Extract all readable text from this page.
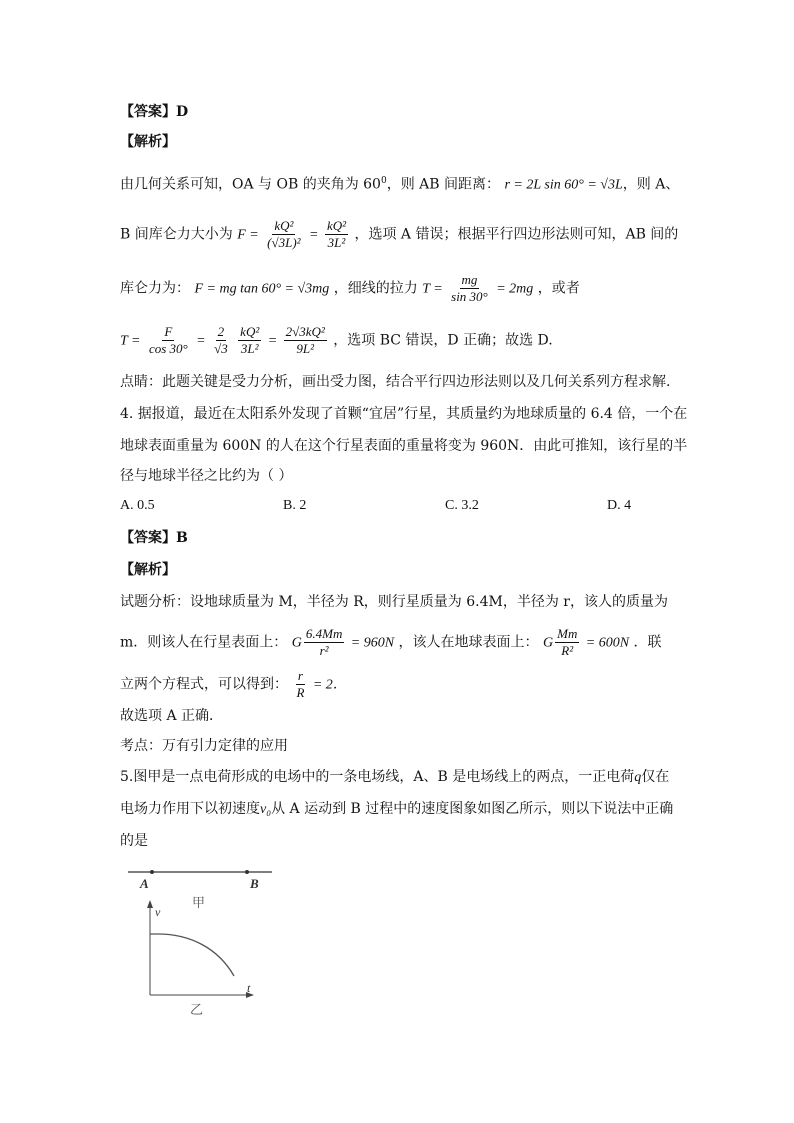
【答案】D
【解析】
由几何关系可知，OA 与 OB 的夹角为 $60^0$，则 AB 间距离： r = 2L sin 60° = √3L，则 A、
B 间库仑力大小为 $F = \frac{\text{kQ²}}{\text{(√3L)²}} = \frac{\text{kQ²}}{\text{3L²}}$ ，选项 A 错误；根据平行四边形法则可知，AB 间的
库仑力为： F = mg tan 60° = √3mg ，细线的拉力 $T = \frac{mg}{\sin 30^\circ} = 2mg$ ，或者
$T = \frac{F}{\cos 30^\circ} = \frac{2}{√3}$
$\frac{\text{kQ²}}{\text{3L²}} = \frac{\text{2√3kQ²}}{\text{9L²}}$ ，选项 BC 错误，D 正确；故选 D.
点睛：此题关键是受力分析，画出受力图，结合平行四边形法则以及几何关系列方程求解.
4. 据报道，最近在太阳系外发现了首颗“宜居”行星，其质量约为地球质量的 6.4 倍，一个在
地球表面重量为 600N 的人在这个行星表面的重量将变为 960N．由此可推知，该行星的半
径与地球半径之比约为（ ）
A. 0.5	B. 2	C. 3.2	D. 4
【答案】B
【解析】
试题分析：设地球质量为 M，半径为 R，则行星质量为 6.4M，半径为 r，该人的质量为
m．则该人在行星表面上： G $\frac{6.4Mm}{\text{r²}} = 960N$ ，该人在地球表面上： G $\frac{Mm}{\text{R²}} = 600N$ ．联
立两个方程式，可以得到： $\frac{r}{R} = 2$．
故选项 A 正确．
考点：万有引力定律的应用
5.图甲是一点电荷形成的电场中的一条电场线，A、B 是电场线上的两点，一正电荷q仅在
电场力作用下以初速度v₀从 A 运动到 B 过程中的速度图象如图乙所示，则以下说法中正确
的是
A	B
甲
v
t
乙
